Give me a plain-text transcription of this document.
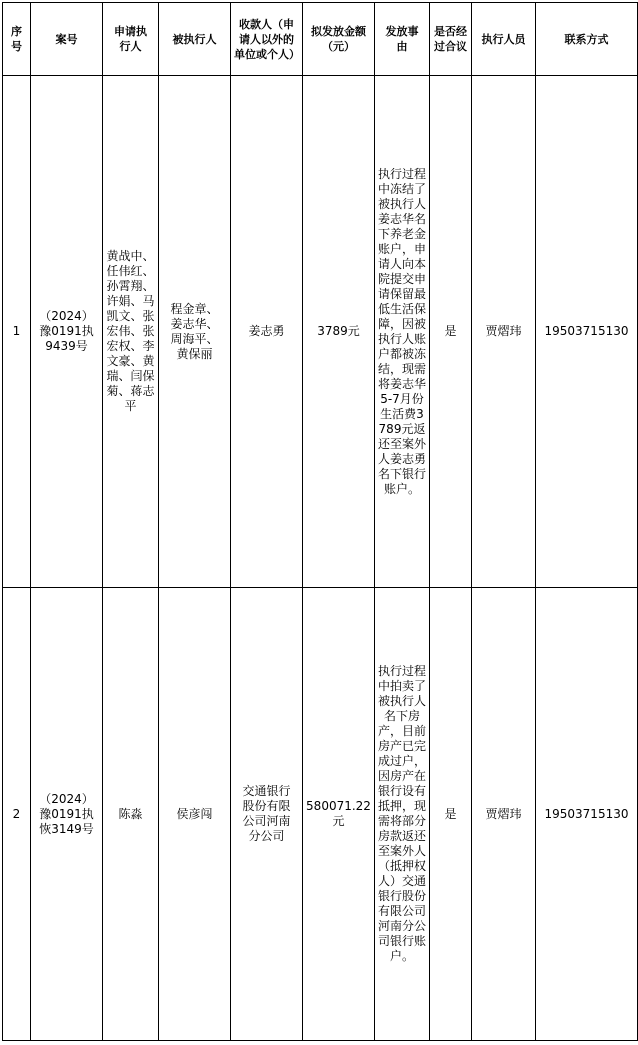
序号	案号	申请执行人	被执行人	收款人（申请人以外的单位或个人）	拟发放金额（元）	发放事由	是否经过合议	执行人员	联系方式
1	（2024）豫0191执9439号	黄战中、任伟红、孙霄翔、许娟、马凯文、张宏伟、张宏权、李文豪、黄瑞、闫保菊、蒋志平	程金章、姜志华、周海平、黄保丽	姜志勇	3789元	执行过程中冻结了被执行人姜志华名下养老金账户，申请人向本院提交申请保留最低生活保障，因被执行人账户都被冻结，现需将姜志华5-7月份生活费3789元返还至案外人姜志勇名下银行账户。	是	贾熠玮	19503715130
2	（2024）豫0191执恢3149号	陈淼	侯彦闯	交通银行股份有限公司河南分公司	580071.22元	执行过程中拍卖了被执行人名下房产，目前房产已完成过户，因房产在银行设有抵押，现需将部分房款返还至案外人（抵押权人）交通银行股份有限公司河南分公司银行账户。	是	贾熠玮	19503715130
